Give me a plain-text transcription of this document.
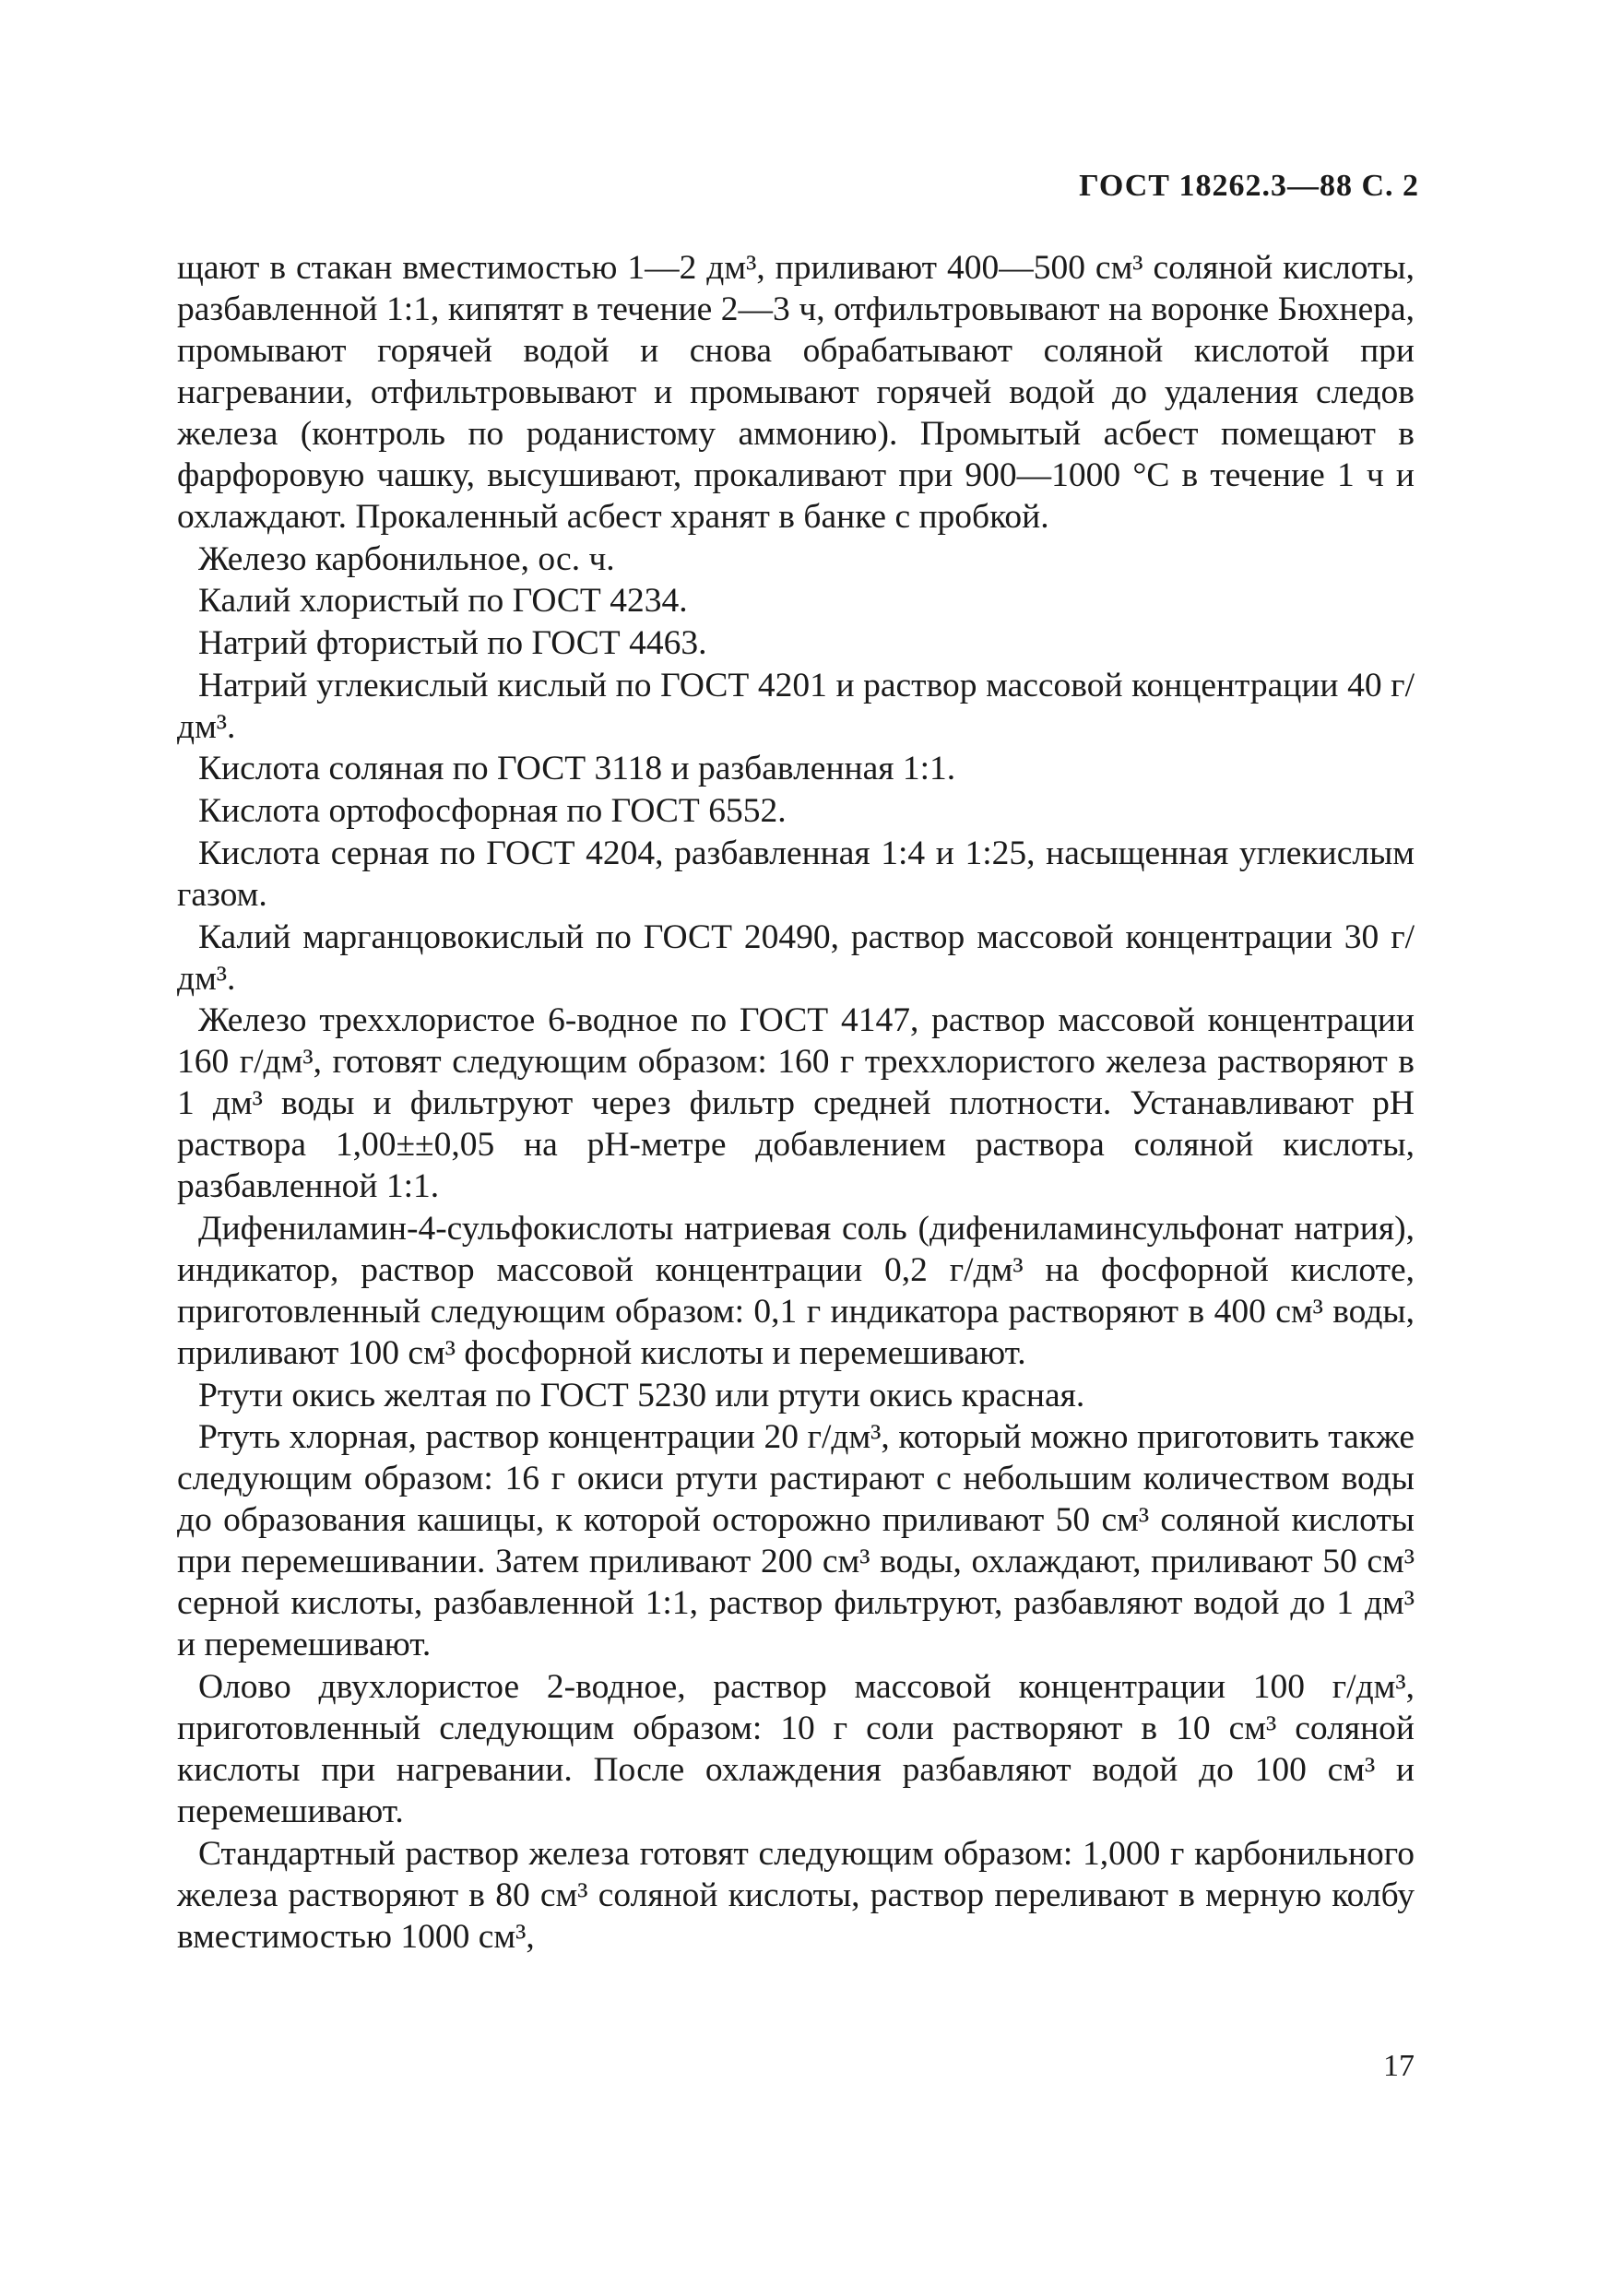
ГОСТ 18262.3—88 С. 2

щают в стакан вместимостью 1—2 дм³, приливают 400—500 см³ соляной кислоты, разбавленной 1:1, кипятят в течение 2—3 ч, отфильтровывают на воронке Бюхнера, промывают горячей водой и снова обрабатывают соляной кислотой при нагревании, отфильтровывают и промывают горячей водой до удаления следов железа (контроль по роданистому аммонию). Промытый асбест помещают в фарфоровую чашку, высушивают, прокаливают при 900—1000 °C в течение 1 ч и охлаждают. Прокаленный асбест хранят в банке с пробкой.

Железо карбонильное, ос. ч.

Калий хлористый по ГОСТ 4234.

Натрий фтористый по ГОСТ 4463.

Натрий углекислый кислый по ГОСТ 4201 и раствор массовой концентрации 40 г/дм³.

Кислота соляная по ГОСТ 3118 и разбавленная 1:1.

Кислота ортофосфорная по ГОСТ 6552.

Кислота серная по ГОСТ 4204, разбавленная 1:4 и 1:25, насыщенная углекислым газом.

Калий марганцовокислый по ГОСТ 20490, раствор массовой концентрации 30 г/дм³.

Железо треххлористое 6-водное по ГОСТ 4147, раствор массовой концентрации 160 г/дм³, готовят следующим образом: 160 г треххлористого железа растворяют в 1 дм³ воды и фильтруют через фильтр средней плотности. Устанавливают pH раствора 1,00±±0,05 на pH-метре добавлением раствора соляной кислоты, разбавленной 1:1.

Дифениламин-4-сульфокислоты натриевая соль (дифениламинсульфонат натрия), индикатор, раствор массовой концентрации 0,2 г/дм³ на фосфорной кислоте, приготовленный следующим образом: 0,1 г индикатора растворяют в 400 см³ воды, приливают 100 см³ фосфорной кислоты и перемешивают.

Ртути окись желтая по ГОСТ 5230 или ртути окись красная.

Ртуть хлорная, раствор концентрации 20 г/дм³, который можно приготовить также следующим образом: 16 г окиси ртути растирают с небольшим количеством воды до образования кашицы, к которой осторожно приливают 50 см³ соляной кислоты при перемешивании. Затем приливают 200 см³ воды, охлаждают, приливают 50 см³ серной кислоты, разбавленной 1:1, раствор фильтруют, разбавляют водой до 1 дм³ и перемешивают.

Олово двухлористое 2-водное, раствор массовой концентрации 100 г/дм³, приготовленный следующим образом: 10 г соли растворяют в 10 см³ соляной кислоты при нагревании. После охлаждения разбавляют водой до 100 см³ и перемешивают.

Стандартный раствор железа готовят следующим образом: 1,000 г карбонильного железа растворяют в 80 см³ соляной кислоты, раствор переливают в мерную колбу вместимостью 1000 см³,

17
